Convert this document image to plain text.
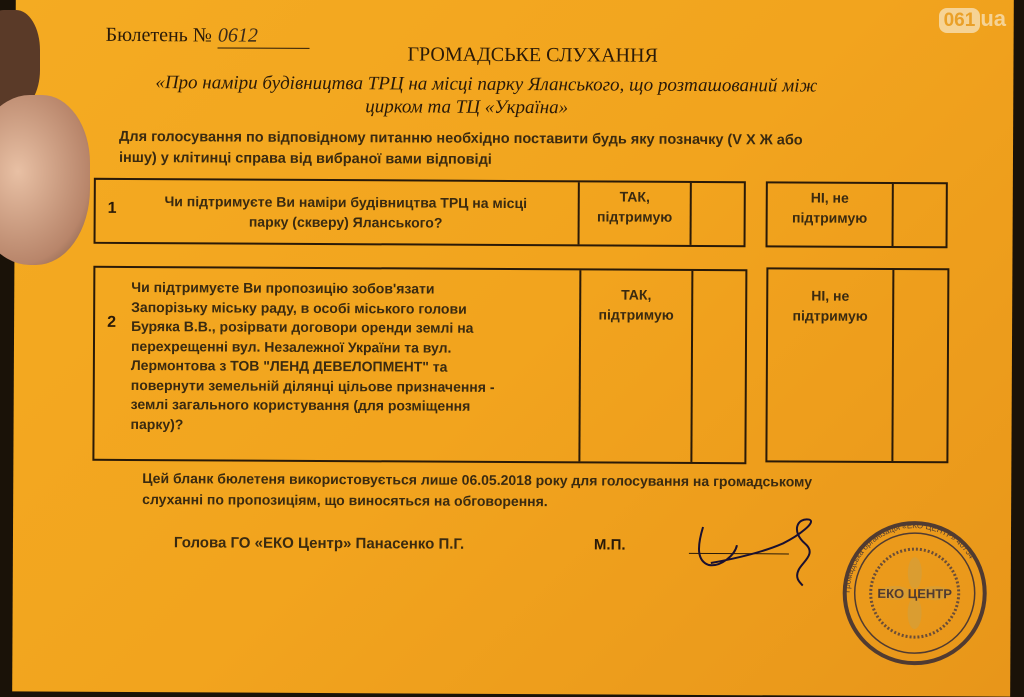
Бюлетень № 0612
ГРОМАДСЬКЕ СЛУХАННЯ
«Про наміри будівництва ТРЦ на місці парку Яланського, що розташований між
цирком та ТЦ «Україна»
Для голосування по відповідному питанню необхідно поставити будь яку позначку (V X Ж або
іншу) у клітинці справа від вибраної вами відповіді
1	Чи підтримуєте Ви наміри будівництва ТРЦ на місці
парку (скверу) Яланського?
ТАК,
підтримую
НІ, не
підтримую
2
Чи підтримуєте Ви пропозицію зобов'язати
Запорізьку міську раду, в особі міського голови
Буряка В.В., розірвати договори оренди землі на
перехрещенні вул. Незалежної України та вул.
Лермонтова з ТОВ "ЛЕНД ДЕВЕЛОПМЕНТ" та
повернути земельній ділянці цільове призначення -
землі загального користування (для розміщення
парку)?
ТАК,
підтримую
НІ, не
підтримую
Цей бланк бюлетеня використовується лише 06.05.2018 року для голосування на громадському
слуханні по пропозиціям, що виносяться на обговорення.
Голова ГО «ЕКО Центр» Панасенко П.Г.	М.П.
ЕКО ЦЕНТР
Громадська організація «ЕКО ЦЕНТР» 40754
061 ua
